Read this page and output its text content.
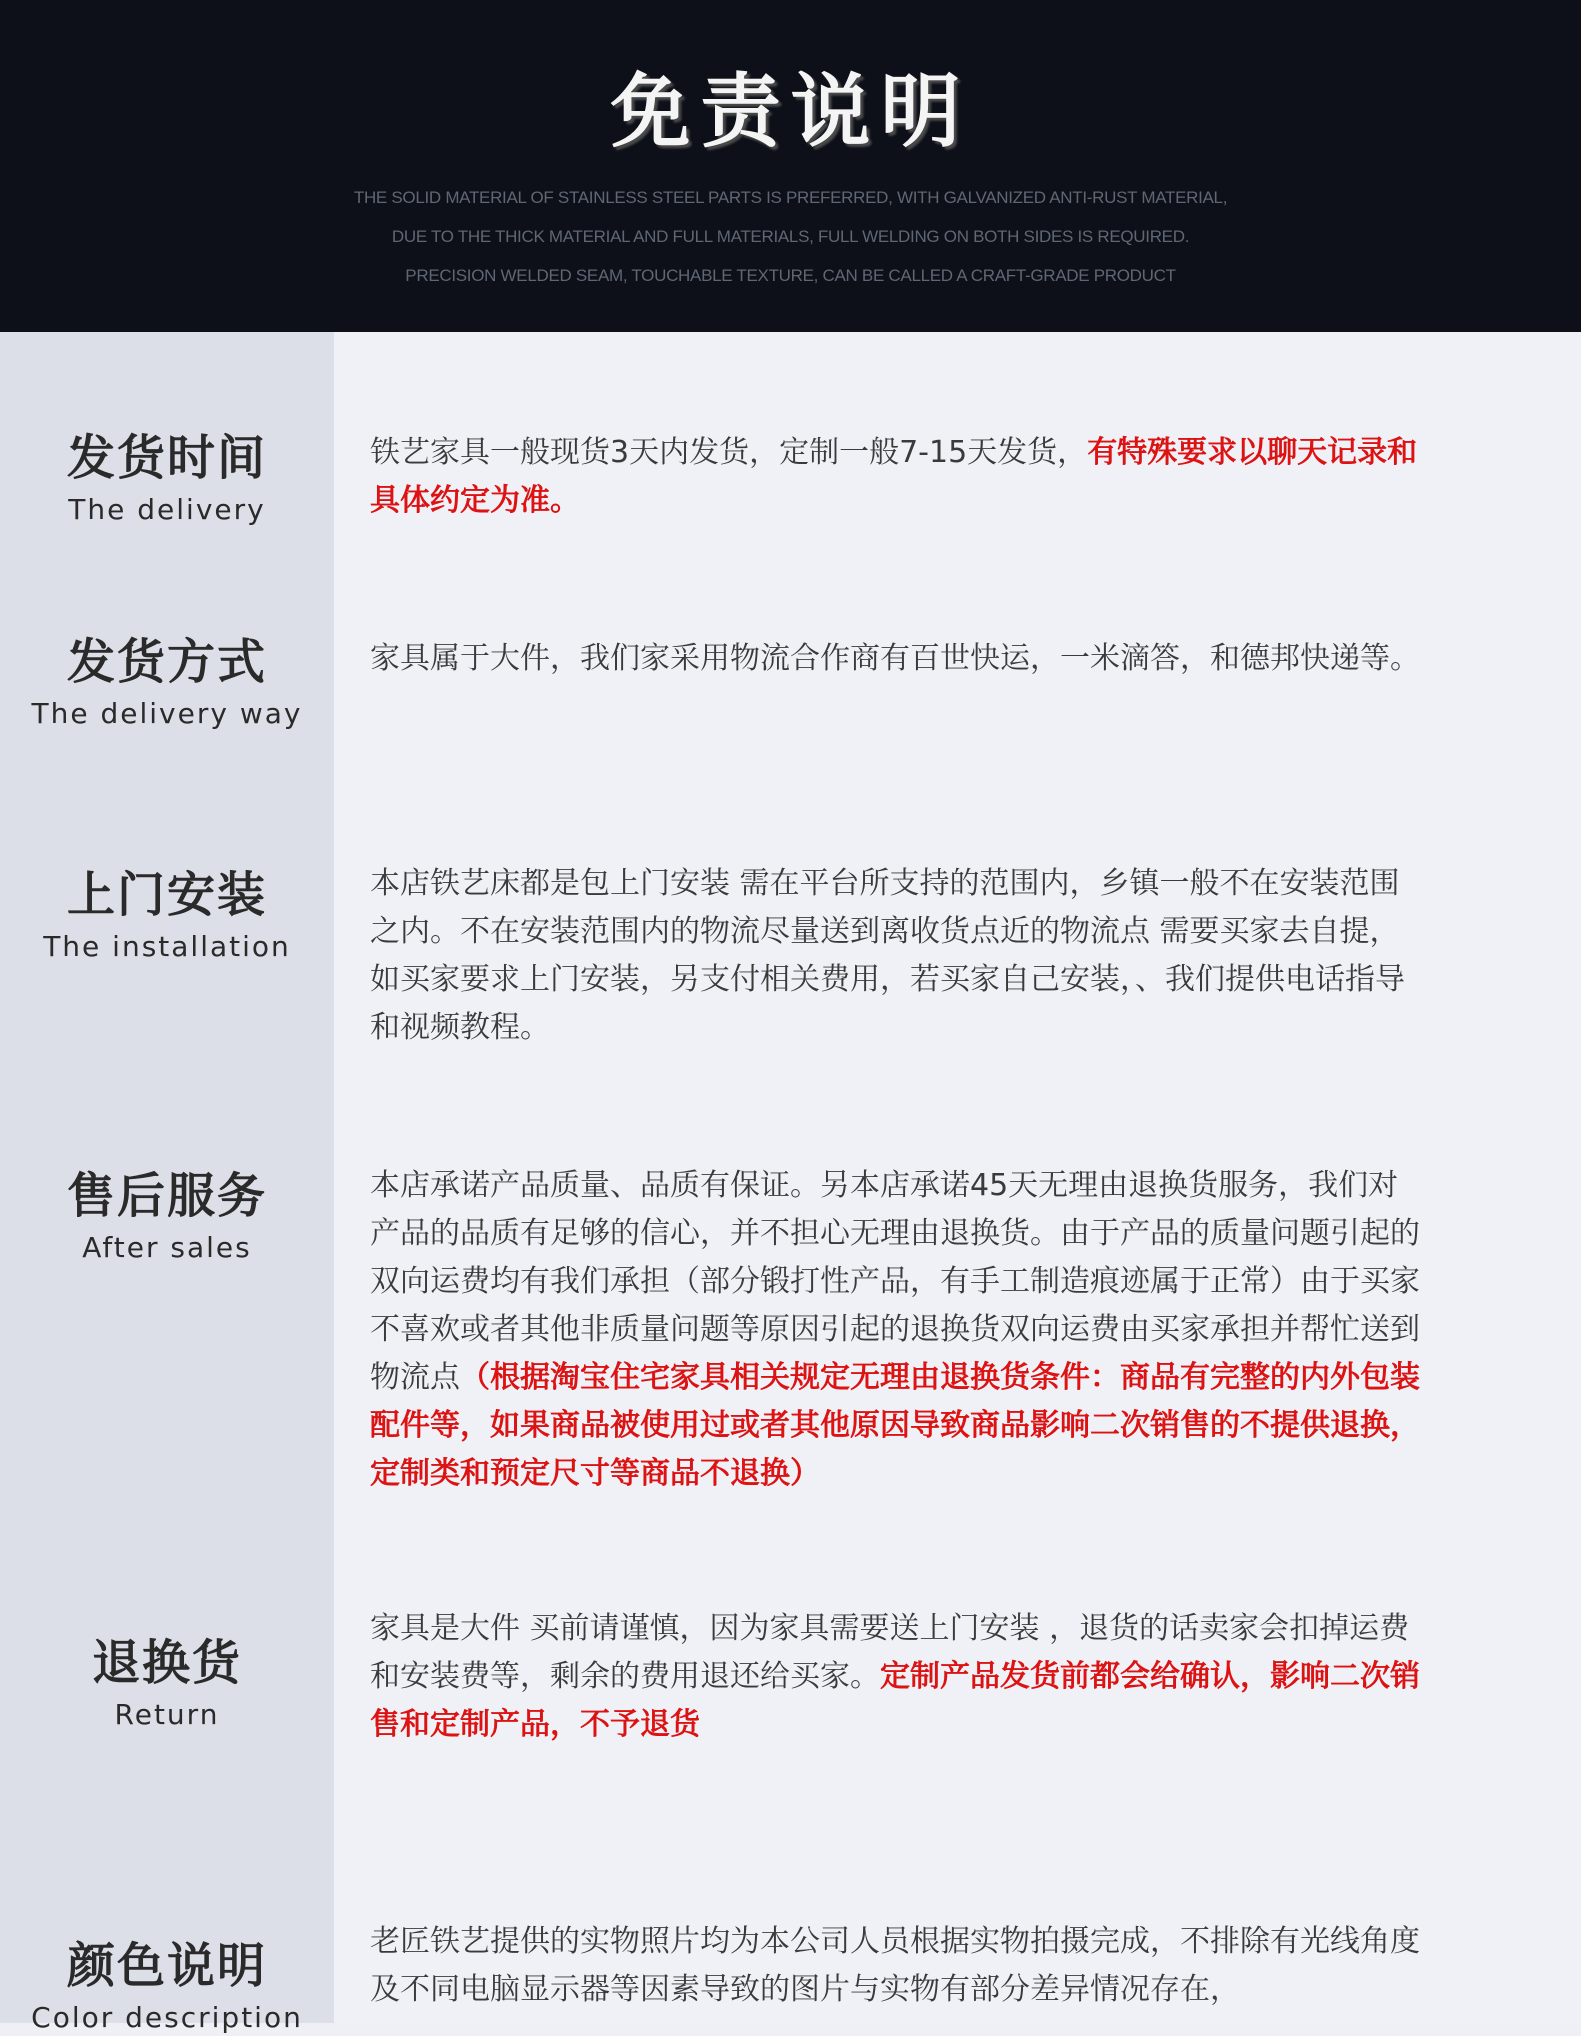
免责说明
THE SOLID MATERIAL OF STAINLESS STEEL PARTS IS PREFERRED, WITH GALVANIZED ANTI-RUST MATERIAL,
DUE TO THE THICK MATERIAL AND FULL MATERIALS, FULL WELDING ON BOTH SIDES IS REQUIRED.
PRECISION WELDED SEAM, TOUCHABLE TEXTURE, CAN BE CALLED A CRAFT-GRADE PRODUCT
发货时间
The delivery
铁艺家具一般现货3天内发货，定制一般7-15天发货，有特殊要求以聊天记录和具体约定为准。
发货方式
The delivery way
家具属于大件，我们家采用物流合作商有百世快运，一米滴答，和德邦快递等。
上门安装
The installation
本店铁艺床都是包上门安装 需在平台所支持的范围内，乡镇一般不在安装范围之内。不在安装范围内的物流尽量送到离收货点近的物流点 需要买家去自提，如买家要求上门安装，另支付相关费用，若买家自己安装，、我们提供电话指导和视频教程。
售后服务
After sales
本店承诺产品质量、品质有保证。另本店承诺45天无理由退换货服务，我们对产品的品质有足够的信心，并不担心无理由退换货。由于产品的质量问题引起的双向运费均有我们承担（部分锻打性产品，有手工制造痕迹属于正常）由于买家不喜欢或者其他非质量问题等原因引起的退换货双向运费由买家承担并帮忙送到物流点（根据淘宝住宅家具相关规定无理由退换货条件：商品有完整的内外包装配件等，如果商品被使用过或者其他原因导致商品影响二次销售的不提供退换，定制类和预定尺寸等商品不退换）
退换货
Return
家具是大件 买前请谨慎，因为家具需要送上门安装 ，退货的话卖家会扣掉运费和安装费等，剩余的费用退还给买家。定制产品发货前都会给确认，影响二次销售和定制产品，不予退货
颜色说明
Color description
老匠铁艺提供的实物照片均为本公司人员根据实物拍摄完成，不排除有光线角度及不同电脑显示器等因素导致的图片与实物有部分差异情况存在，
